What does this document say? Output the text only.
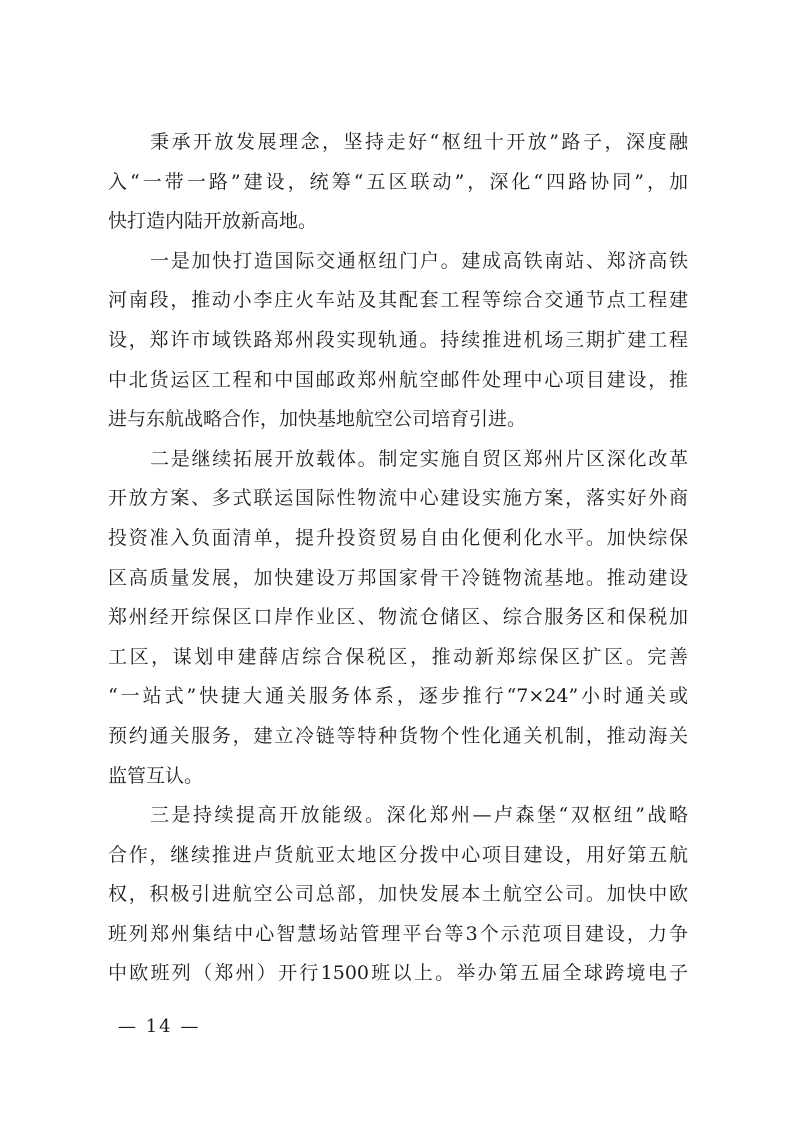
秉承开放发展理念，坚持走好“枢纽十开放”路子，深度融
入“一带一路”建设，统筹“五区联动”，深化“四路协同”，加
快打造内陆开放新高地。
一是加快打造国际交通枢纽门户。建成高铁南站、郑济高铁
河南段，推动小李庄火车站及其配套工程等综合交通节点工程建
设，郑许市域铁路郑州段实现轨通。持续推进机场三期扩建工程
中北货运区工程和中国邮政郑州航空邮件处理中心项目建设，推
进与东航战略合作，加快基地航空公司培育引进。
二是继续拓展开放载体。制定实施自贸区郑州片区深化改革
开放方案、多式联运国际性物流中心建设实施方案，落实好外商
投资准入负面清单，提升投资贸易自由化便利化水平。加快综保
区高质量发展，加快建设万邦国家骨干冷链物流基地。推动建设
郑州经开综保区口岸作业区、物流仓储区、综合服务区和保税加
工区，谋划申建薛店综合保税区，推动新郑综保区扩区。完善
“一站式”快捷大通关服务体系，逐步推行“7×24”小时通关或
预约通关服务，建立冷链等特种货物个性化通关机制，推动海关
监管互认。
三是持续提高开放能级。深化郑州—卢森堡“双枢纽”战略
合作，继续推进卢货航亚太地区分拨中心项目建设，用好第五航
权，积极引进航空公司总部，加快发展本土航空公司。加快中欧
班列郑州集结中心智慧场站管理平台等3个示范项目建设，力争
中欧班列（郑州）开行1500班以上。举办第五届全球跨境电子
— 14 —
